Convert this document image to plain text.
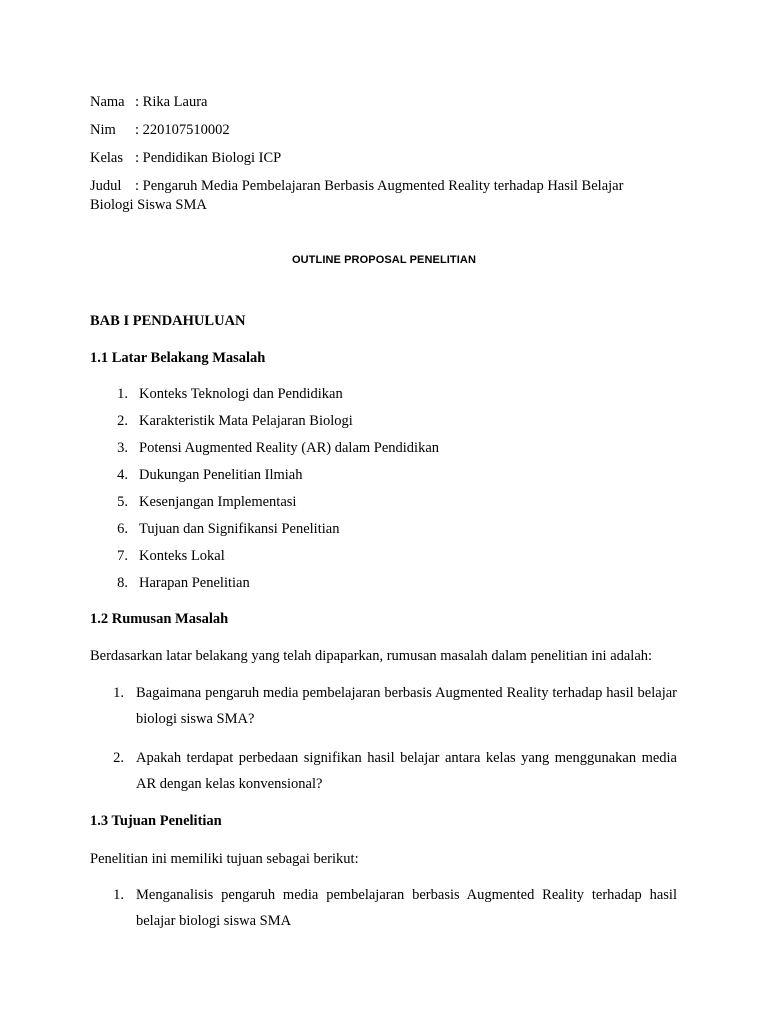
Nama : Rika Laura

Nim : 220107510002

Kelas : Pendidikan Biologi ICP

Judul : Pengaruh Media Pembelajaran Berbasis Augmented Reality terhadap Hasil Belajar

Biologi Siswa SMA

OUTLINE PROPOSAL PENELITIAN

BAB I PENDAHULUAN

1.1 Latar Belakang Masalah

1. Konteks Teknologi dan Pendidikan
2. Karakteristik Mata Pelajaran Biologi
3. Potensi Augmented Reality (AR) dalam Pendidikan
4. Dukungan Penelitian Ilmiah
5. Kesenjangan Implementasi
6. Tujuan dan Signifikansi Penelitian
7. Konteks Lokal
8. Harapan Penelitian

1.2 Rumusan Masalah

Berdasarkan latar belakang yang telah dipaparkan, rumusan masalah dalam penelitian ini adalah:

1. Bagaimana pengaruh media pembelajaran berbasis Augmented Reality terhadap hasil belajar biologi siswa SMA?

2. Apakah terdapat perbedaan signifikan hasil belajar antara kelas yang menggunakan media AR dengan kelas konvensional?

1.3 Tujuan Penelitian

Penelitian ini memiliki tujuan sebagai berikut:

1. Menganalisis pengaruh media pembelajaran berbasis Augmented Reality terhadap hasil belajar biologi siswa SMA
